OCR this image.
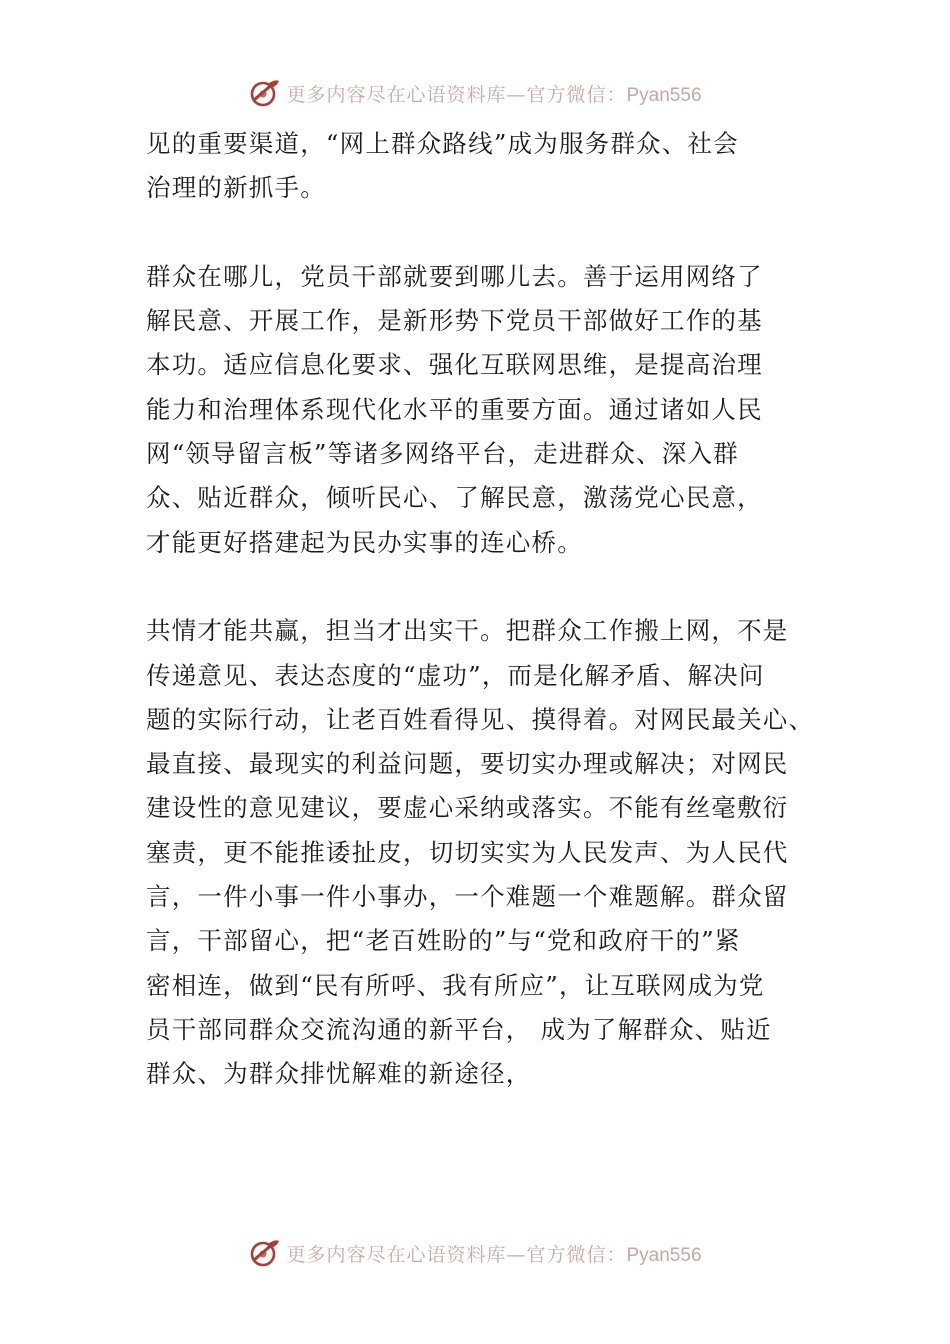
更多内容尽在心语资料库—官方微信：Pyan556

见的重要渠道，“网上群众路线”成为服务群众、社会
治理的新抓手。

群众在哪儿，党员干部就要到哪儿去。善于运用网络了
解民意、开展工作，是新形势下党员干部做好工作的基
本功。适应信息化要求、强化互联网思维，是提高治理
能力和治理体系现代化水平的重要方面。通过诸如人民
网“领导留言板”等诸多网络平台，走进群众、深入群
众、贴近群众，倾听民心、了解民意，激荡党心民意，
才能更好搭建起为民办实事的连心桥。

共情才能共赢，担当才出实干。把群众工作搬上网，不是
传递意见、表达态度的“虚功”，而是化解矛盾、解决问
题的实际行动，让老百姓看得见、摸得着。对网民最关心、
最直接、最现实的利益问题，要切实办理或解决；对网民
建设性的意见建议，要虚心采纳或落实。不能有丝毫敷衍
塞责，更不能推诿扯皮，切切实实为人民发声、为人民代
言，一件小事一件小事办，一个难题一个难题解。群众留
言，干部留心，把“老百姓盼的”与“党和政府干的”紧
密相连，做到“民有所呼、我有所应”，让互联网成为党
员干部同群众交流沟通的新平台， 成为了解群众、贴近
群众、为群众排忧解难的新途径，

更多内容尽在心语资料库—官方微信：Pyan556
